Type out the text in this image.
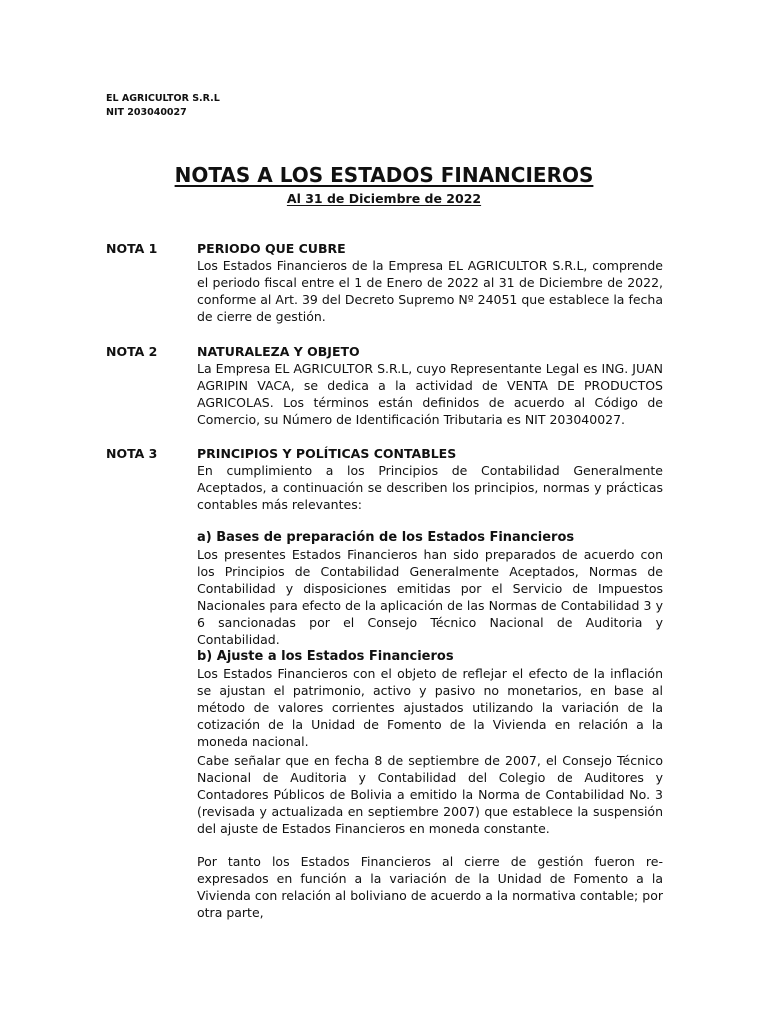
EL AGRICULTOR S.R.L
NIT 203040027
NOTAS A LOS ESTADOS FINANCIEROS
Al 31 de Diciembre de 2022
NOTA 1	PERIODO QUE CUBRE

Los Estados Financieros de la Empresa EL AGRICULTOR S.R.L, comprende el periodo fiscal entre el 1 de Enero de 2022 al 31 de Diciembre de 2022, conforme al Art. 39 del Decreto Supremo Nº 24051 que establece la fecha de cierre de gestión.

NOTA 2	NATURALEZA Y OBJETO

La Empresa EL AGRICULTOR S.R.L, cuyo Representante Legal es ING. JUAN AGRIPIN VACA, se dedica a la actividad de VENTA DE PRODUCTOS AGRICOLAS. Los términos están definidos de acuerdo al Código de Comercio, su Número de Identificación Tributaria es NIT 203040027.

NOTA 3	PRINCIPIOS Y POLÍTICAS CONTABLES

En cumplimiento a los Principios de Contabilidad Generalmente Aceptados, a continuación se describen los principios, normas y prácticas contables más relevantes:

a) Bases de preparación de los Estados Financieros

Los presentes Estados Financieros han sido preparados de acuerdo con los Principios de Contabilidad Generalmente Aceptados, Normas de Contabilidad y disposiciones emitidas por el Servicio de Impuestos Nacionales para efecto de la aplicación de las Normas de Contabilidad 3 y 6 sancionadas por el Consejo Técnico Nacional de Auditoria y Contabilidad.

b) Ajuste a los Estados Financieros

Los Estados Financieros con el objeto de reflejar el efecto de la inflación se ajustan el patrimonio, activo y pasivo no monetarios, en base al método de valores corrientes ajustados utilizando la variación de la cotización de la Unidad de Fomento de la Vivienda en relación a la moneda nacional.

Cabe señalar que en fecha 8 de septiembre de 2007, el Consejo Técnico Nacional de Auditoria y Contabilidad del Colegio de Auditores y Contadores Públicos de Bolivia a emitido la Norma de Contabilidad No. 3 (revisada y actualizada en septiembre 2007) que establece la suspensión del ajuste de Estados Financieros en moneda constante.

Por tanto los Estados Financieros al cierre de gestión fueron re-expresados en función a la variación de la Unidad de Fomento a la Vivienda con relación al boliviano de acuerdo a la normativa contable; por otra parte,
